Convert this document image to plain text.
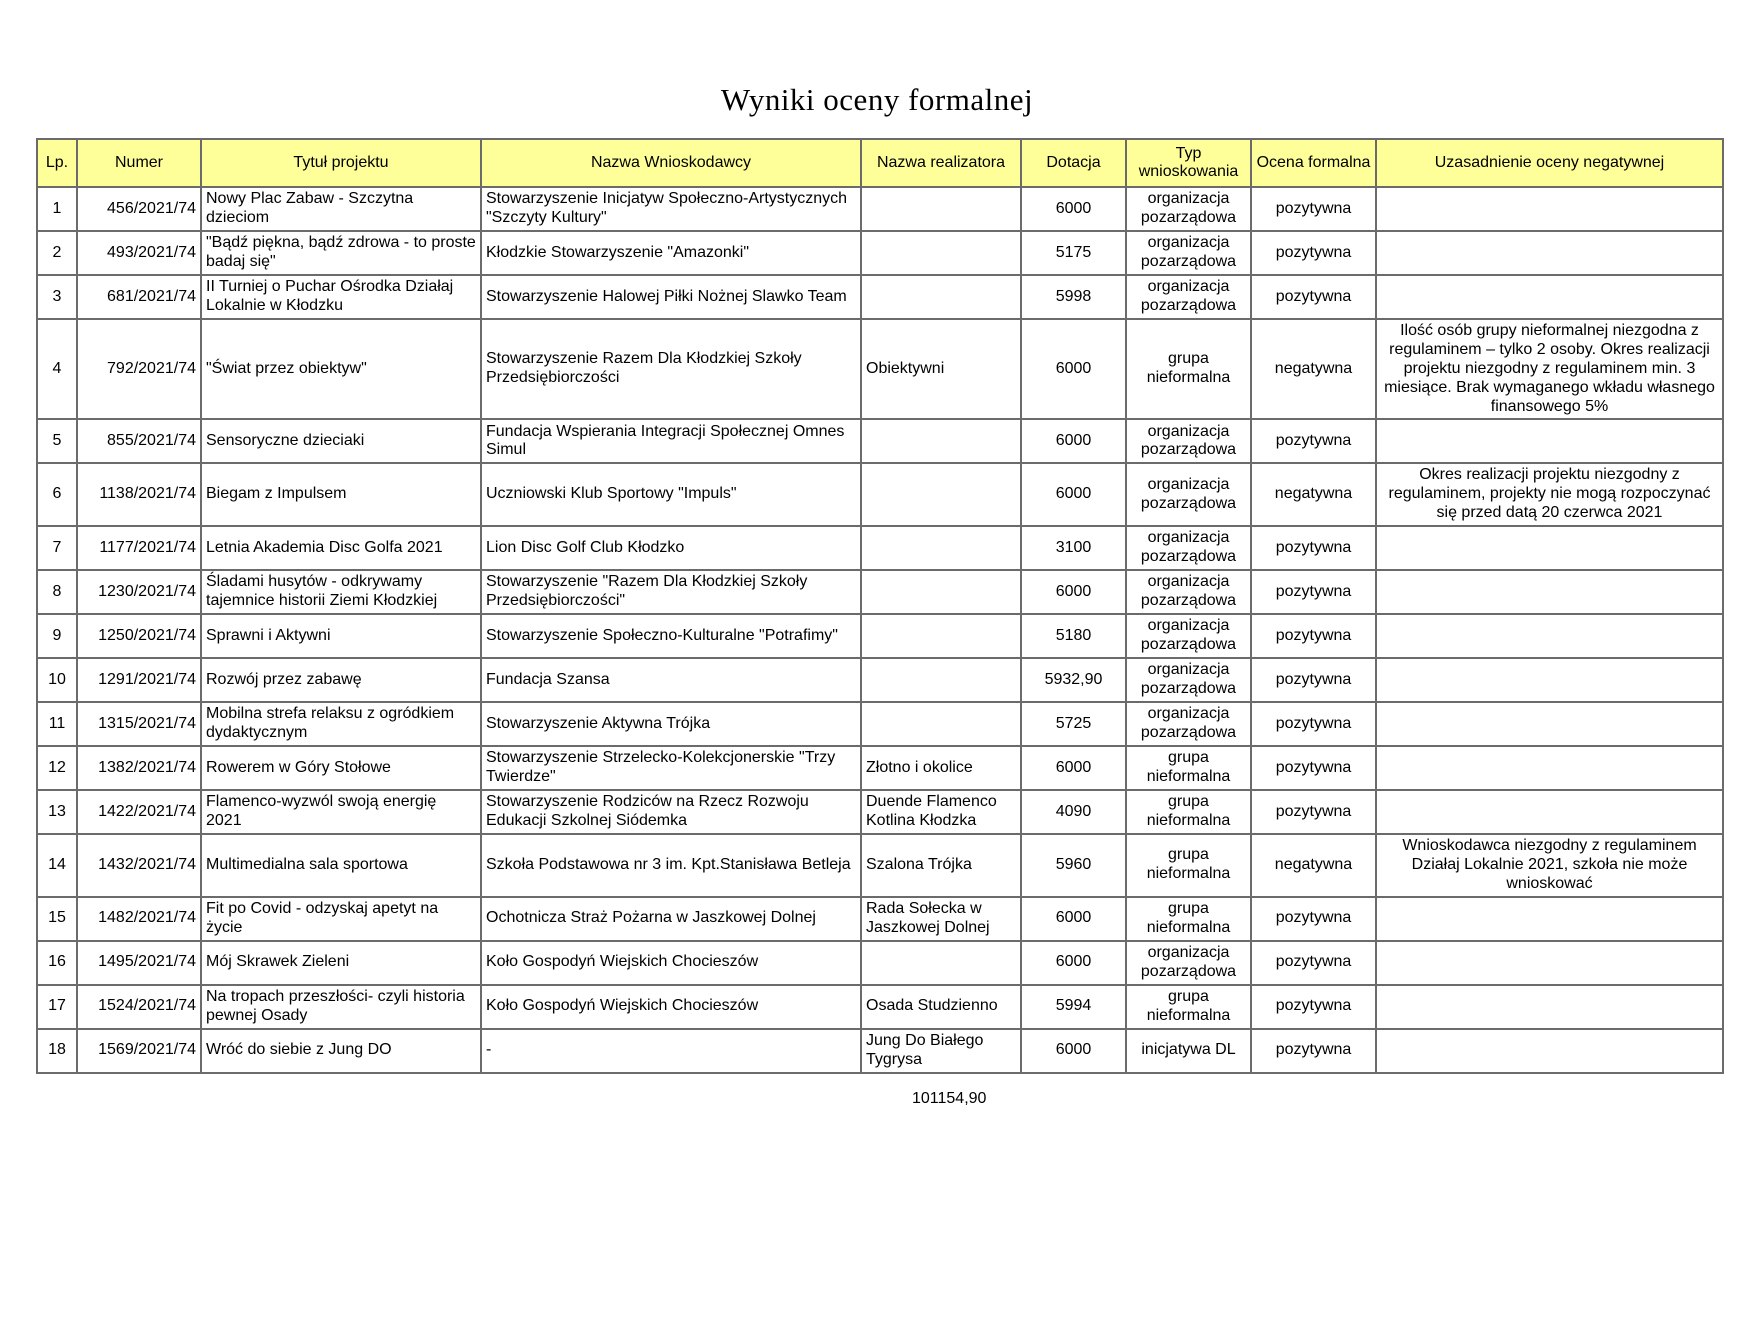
Wyniki oceny formalnej
Lp.	Numer	Tytuł projektu	Nazwa Wnioskodawcy	Nazwa realizatora	Dotacja	Typ wnioskowania	Ocena formalna	Uzasadnienie oceny negatywnej
1	456/2021/74	Nowy Plac Zabaw - Szczytna dzieciom	Stowarzyszenie Inicjatyw Społeczno-Artystycznych "Szczyty Kultury"		6000	organizacja pozarządowa	pozytywna	
2	493/2021/74	"Bądź piękna, bądź zdrowa - to proste badaj się"	Kłodzkie Stowarzyszenie "Amazonki"		5175	organizacja pozarządowa	pozytywna	
3	681/2021/74	II Turniej o Puchar Ośrodka Działaj Lokalnie w Kłodzku	Stowarzyszenie Halowej Piłki Nożnej Slawko Team		5998	organizacja pozarządowa	pozytywna	
4	792/2021/74	"Świat przez obiektyw"	Stowarzyszenie Razem Dla Kłodzkiej Szkoły Przedsiębiorczości	Obiektywni	6000	grupa nieformalna	negatywna	Ilość osób grupy nieformalnej niezgodna z regulaminem – tylko 2 osoby. Okres realizacji projektu niezgodny z regulaminem min. 3 miesiące. Brak wymaganego wkładu własnego finansowego 5%
5	855/2021/74	Sensoryczne dzieciaki	Fundacja Wspierania Integracji Społecznej Omnes Simul		6000	organizacja pozarządowa	pozytywna	
6	1138/2021/74	Biegam z Impulsem	Uczniowski Klub Sportowy "Impuls"		6000	organizacja pozarządowa	negatywna	Okres realizacji projektu niezgodny z regulaminem, projekty nie mogą rozpoczynać się przed datą 20 czerwca 2021
7	1177/2021/74	Letnia Akademia Disc Golfa 2021	Lion Disc Golf Club Kłodzko		3100	organizacja pozarządowa	pozytywna	
8	1230/2021/74	Śladami husytów - odkrywamy tajemnice historii Ziemi Kłodzkiej	Stowarzyszenie "Razem Dla Kłodzkiej Szkoły Przedsiębiorczości"		6000	organizacja pozarządowa	pozytywna	
9	1250/2021/74	Sprawni i Aktywni	Stowarzyszenie Społeczno-Kulturalne "Potrafimy"		5180	organizacja pozarządowa	pozytywna	
10	1291/2021/74	Rozwój przez zabawę	Fundacja Szansa		5932,90	organizacja pozarządowa	pozytywna	
11	1315/2021/74	Mobilna strefa relaksu z ogródkiem dydaktycznym	Stowarzyszenie Aktywna Trójka		5725	organizacja pozarządowa	pozytywna	
12	1382/2021/74	Rowerem w Góry Stołowe	Stowarzyszenie Strzelecko-Kolekcjonerskie "Trzy Twierdze"	Złotno i okolice	6000	grupa nieformalna	pozytywna	
13	1422/2021/74	Flamenco-wyzwól swoją energię 2021	Stowarzyszenie Rodziców na Rzecz Rozwoju Edukacji Szkolnej Siódemka	Duende Flamenco Kotlina Kłodzka	4090	grupa nieformalna	pozytywna	
14	1432/2021/74	Multimedialna sala sportowa	Szkoła Podstawowa nr 3 im. Kpt.Stanisława Betleja	Szalona Trójka	5960	grupa nieformalna	negatywna	Wnioskodawca niezgodny z regulaminem Działaj Lokalnie 2021, szkoła nie może wnioskować
15	1482/2021/74	Fit po Covid - odzyskaj apetyt na życie	Ochotnicza Straż Pożarna w Jaszkowej Dolnej	Rada Sołecka w Jaszkowej Dolnej	6000	grupa nieformalna	pozytywna	
16	1495/2021/74	Mój Skrawek Zieleni	Koło Gospodyń Wiejskich Chocieszów		6000	organizacja pozarządowa	pozytywna	
17	1524/2021/74	Na tropach przeszłości- czyli historia pewnej Osady	Koło Gospodyń Wiejskich Chocieszów	Osada Studzienno	5994	grupa nieformalna	pozytywna	
18	1569/2021/74	Wróć do siebie z Jung DO	-	Jung Do Białego Tygrysa	6000	inicjatywa DL	pozytywna	
101154,90
